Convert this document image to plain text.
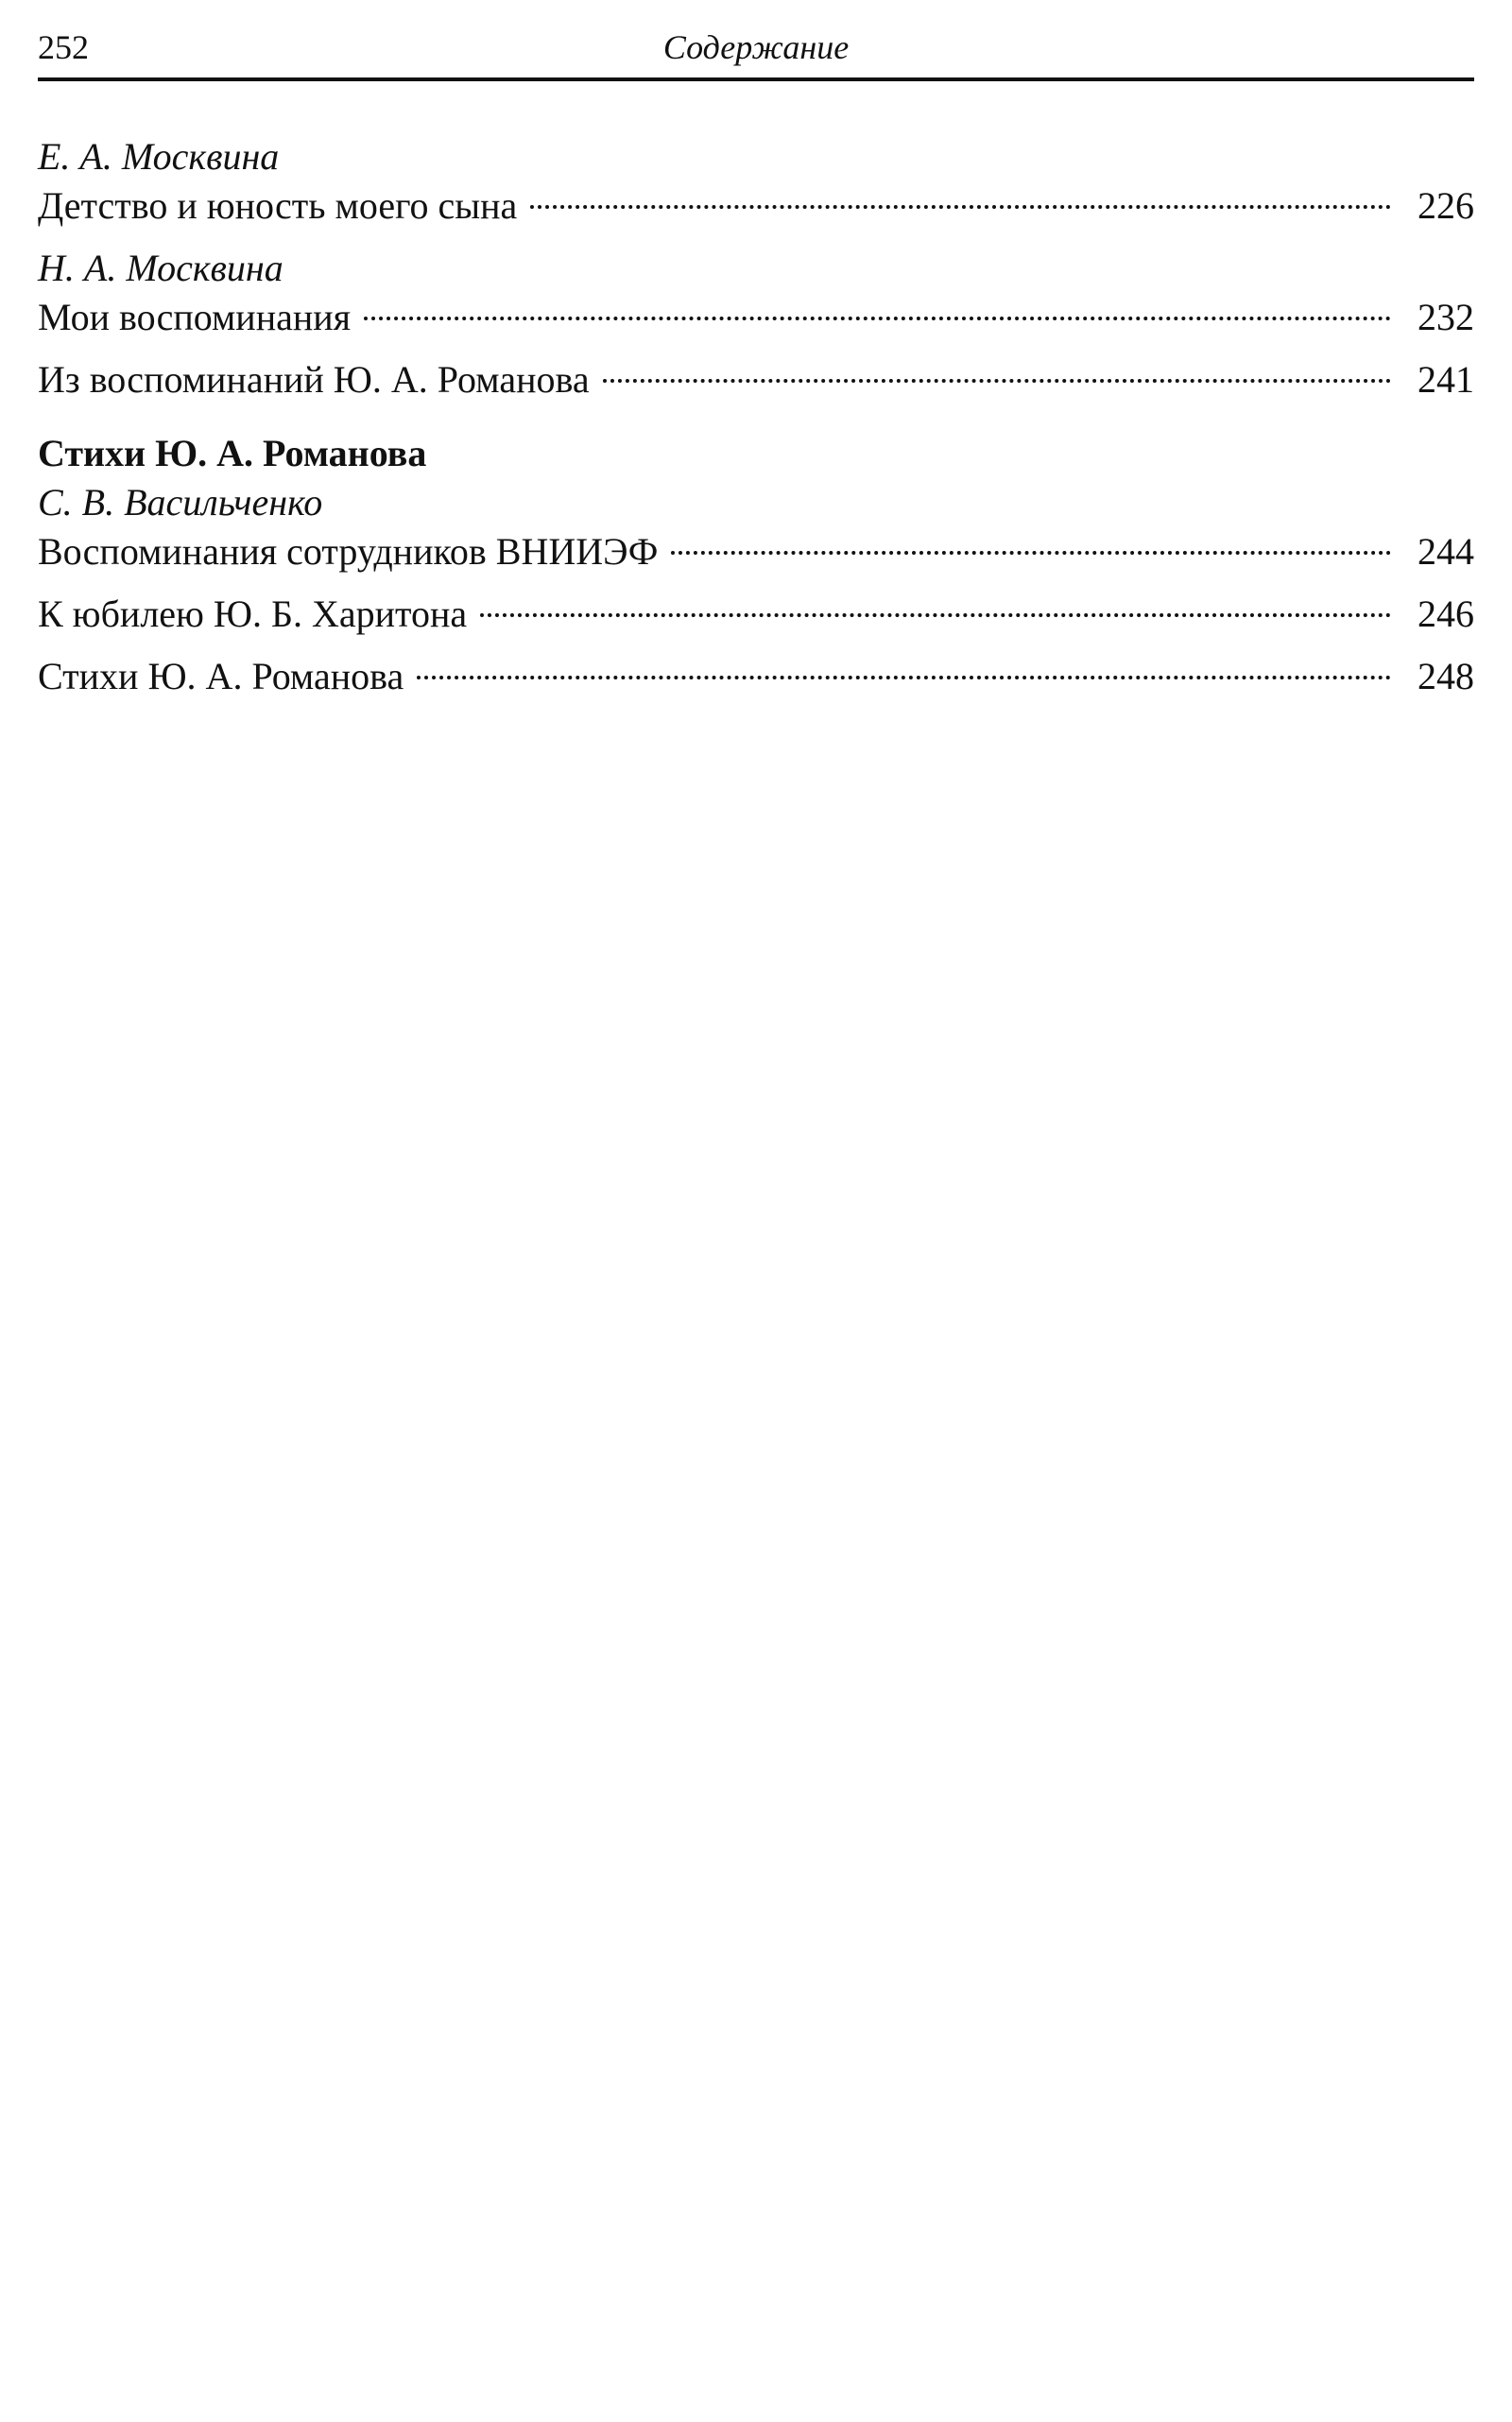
252	Содержание

Е. А. Москвина

Детство и юность моего сына	226

Н. А. Москвина

Мои воспоминания	232
Из воспоминаний Ю. А. Романова	241

Стихи Ю. А. Романова

С. В. Васильченко

Воспоминания сотрудников ВНИИЭФ	244
К юбилею Ю. Б. Харитона	246
Стихи Ю. А. Романова	248
